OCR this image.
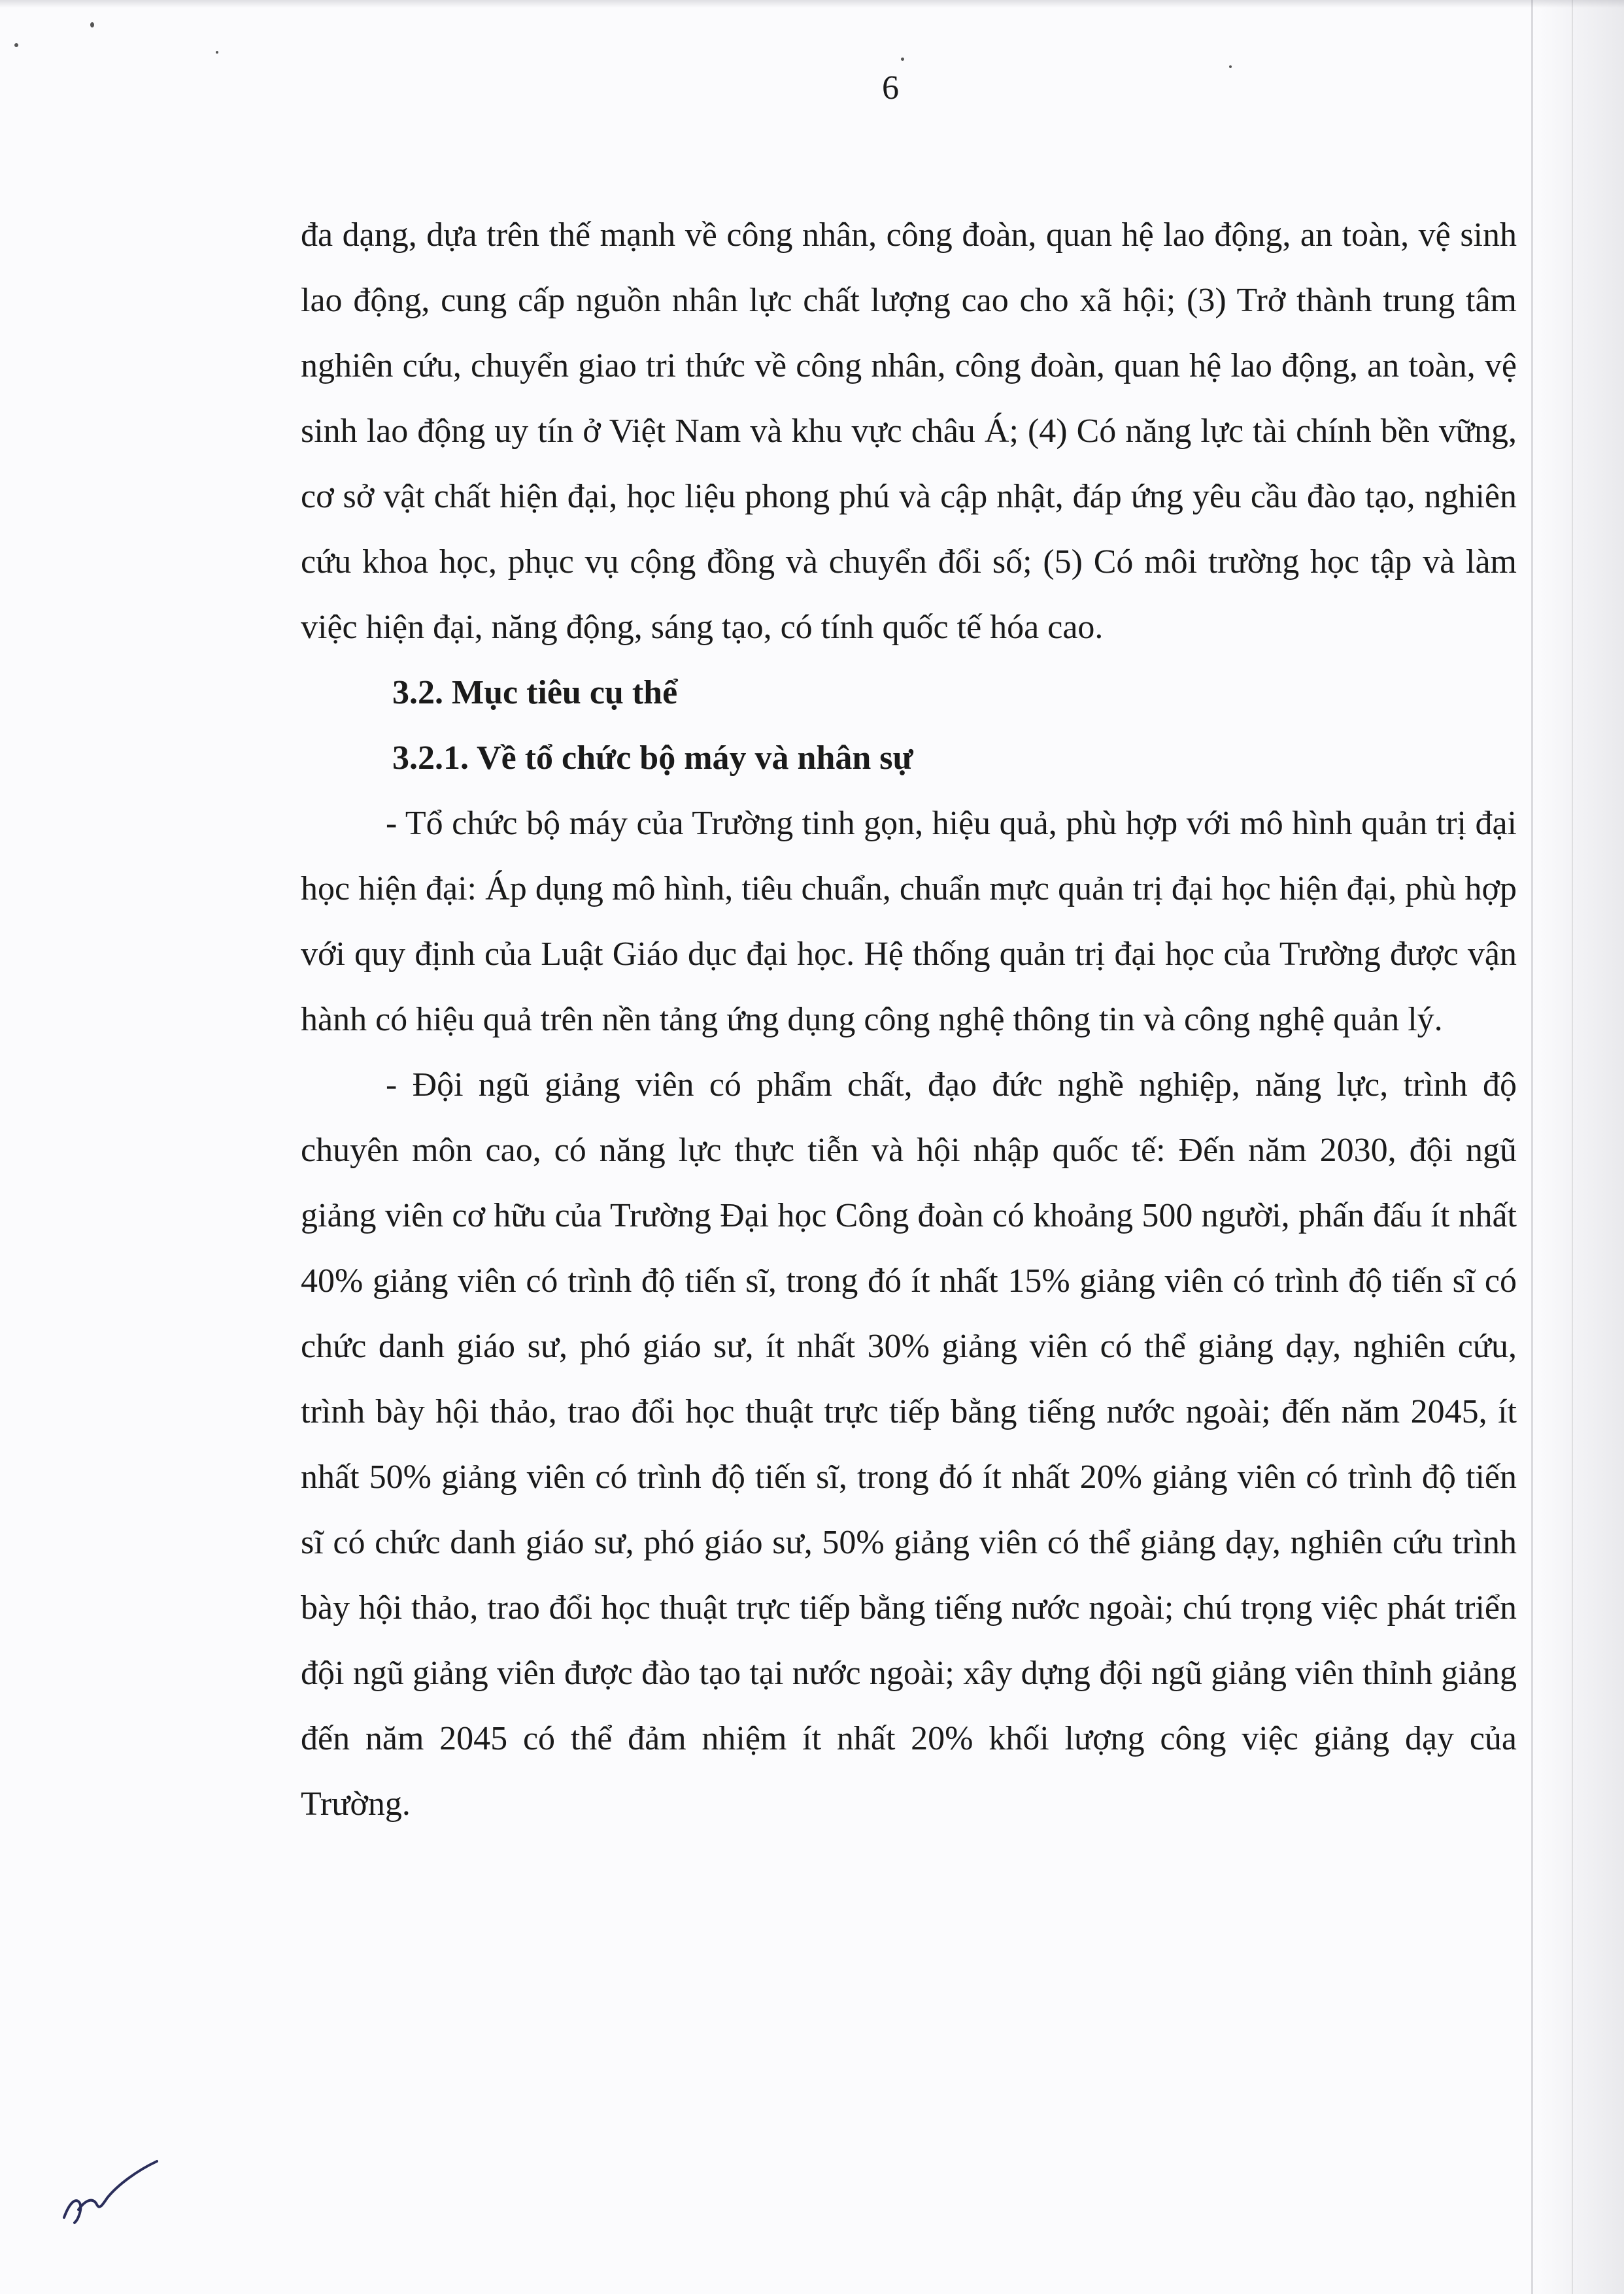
6

đa dạng, dựa trên thế mạnh về công nhân, công đoàn, quan hệ lao động, an toàn, vệ sinh lao động, cung cấp nguồn nhân lực chất lượng cao cho xã hội; (3) Trở thành trung tâm nghiên cứu, chuyển giao tri thức về công nhân, công đoàn, quan hệ lao động, an toàn, vệ sinh lao động uy tín ở Việt Nam và khu vực châu Á; (4) Có năng lực tài chính bền vững, cơ sở vật chất hiện đại, học liệu phong phú và cập nhật, đáp ứng yêu cầu đào tạo, nghiên cứu khoa học, phục vụ cộng đồng và chuyển đổi số; (5) Có môi trường học tập và làm việc hiện đại, năng động, sáng tạo, có tính quốc tế hóa cao.

3.2. Mục tiêu cụ thể
3.2.1. Về tổ chức bộ máy và nhân sự

- Tổ chức bộ máy của Trường tinh gọn, hiệu quả, phù hợp với mô hình quản trị đại học hiện đại: Áp dụng mô hình, tiêu chuẩn, chuẩn mực quản trị đại học hiện đại, phù hợp với quy định của Luật Giáo dục đại học. Hệ thống quản trị đại học của Trường được vận hành có hiệu quả trên nền tảng ứng dụng công nghệ thông tin và công nghệ quản lý.

- Đội ngũ giảng viên có phẩm chất, đạo đức nghề nghiệp, năng lực, trình độ chuyên môn cao, có năng lực thực tiễn và hội nhập quốc tế: Đến năm 2030, đội ngũ giảng viên cơ hữu của Trường Đại học Công đoàn có khoảng 500 người, phấn đấu ít nhất 40% giảng viên có trình độ tiến sĩ, trong đó ít nhất 15% giảng viên có trình độ tiến sĩ có chức danh giáo sư, phó giáo sư, ít nhất 30% giảng viên có thể giảng dạy, nghiên cứu, trình bày hội thảo, trao đổi học thuật trực tiếp bằng tiếng nước ngoài; đến năm 2045, ít nhất 50% giảng viên có trình độ tiến sĩ, trong đó ít nhất 20% giảng viên có trình độ tiến sĩ có chức danh giáo sư, phó giáo sư, 50% giảng viên có thể giảng dạy, nghiên cứu trình bày hội thảo, trao đổi học thuật trực tiếp bằng tiếng nước ngoài; chú trọng việc phát triển đội ngũ giảng viên được đào tạo tại nước ngoài; xây dựng đội ngũ giảng viên thỉnh giảng đến năm 2045 có thể đảm nhiệm ít nhất 20% khối lượng công việc giảng dạy của Trường.
